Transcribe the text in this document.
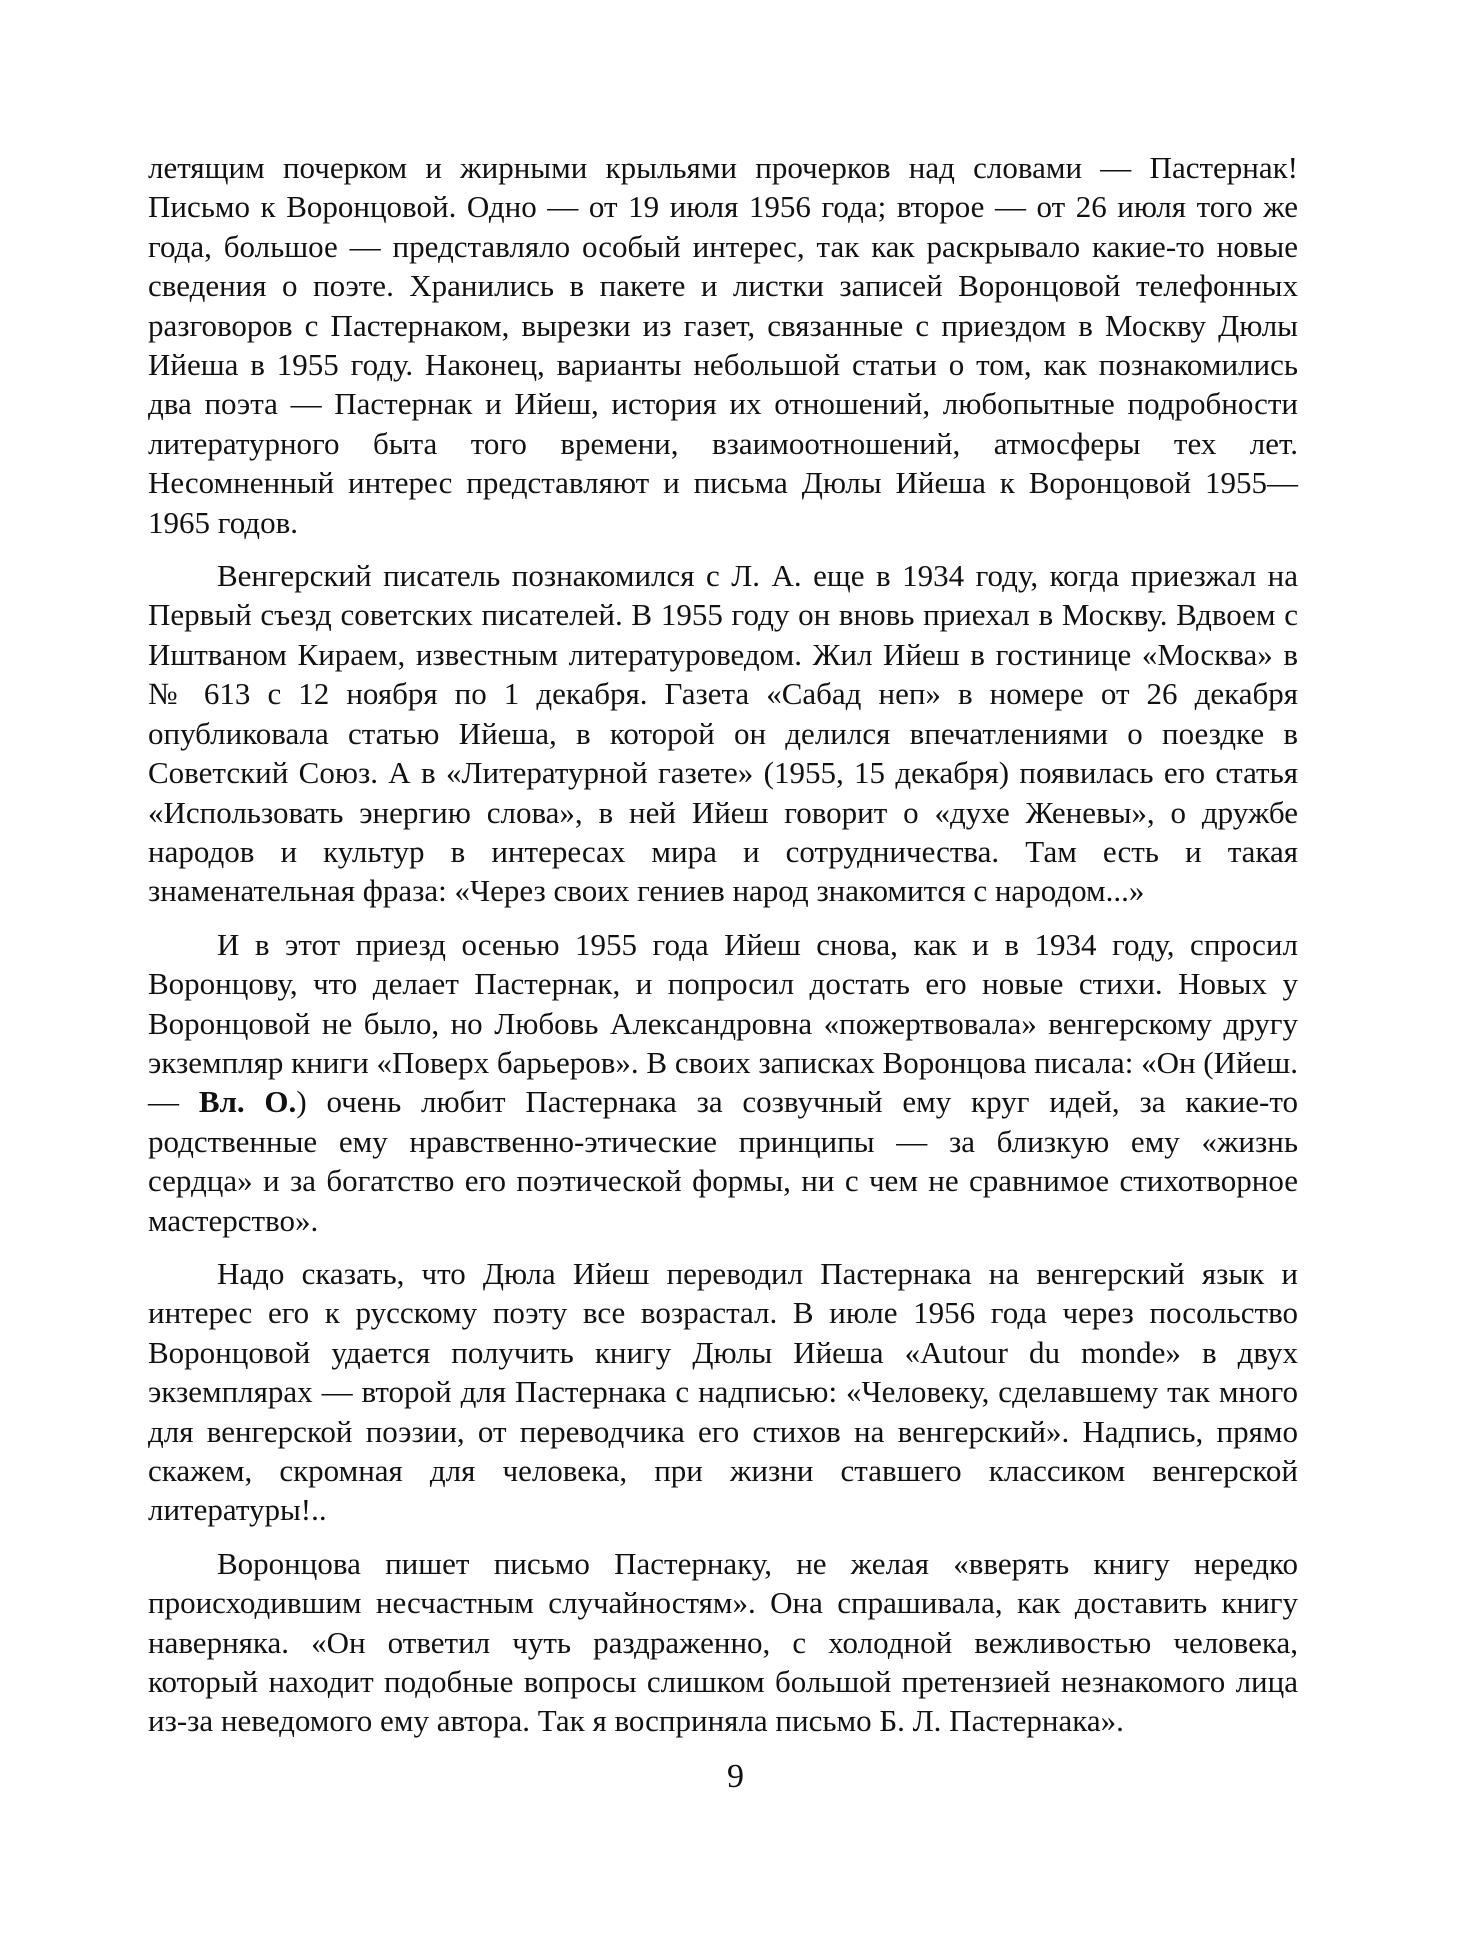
летящим почерком и жирными крыльями прочерков над словами — Пастернак! Письмо к Воронцовой. Одно — от 19 июля 1956 года; второе — от 26 июля того же года, большое — представляло особый интерес, так как раскрывало какие-то новые сведения о поэте. Хранились в пакете и листки записей Воронцовой телефонных разговоров с Пастернаком, вырезки из газет, связанные с приездом в Москву Дюлы Ийеша в 1955 году. Наконец, варианты небольшой статьи о том, как познакомились два поэта — Пастернак и Ийеш, история их отношений, любопытные подробности литературного быта того времени, взаимоотношений, атмосферы тех лет. Несомненный интерес представляют и письма Дюлы Ийеша к Воронцовой 1955—1965 годов.

Венгерский писатель познакомился с Л. А. еще в 1934 году, когда приезжал на Первый съезд советских писателей. В 1955 году он вновь приехал в Москву. Вдвоем с Иштваном Кираем, известным литературоведом. Жил Ийеш в гостинице «Москва» в № 613 с 12 ноября по 1 декабря. Газета «Сабад неп» в номере от 26 декабря опубликовала статью Ийеша, в которой он делился впечатлениями о поездке в Советский Союз. А в «Литературной газете» (1955, 15 декабря) появилась его статья «Использовать энергию слова», в ней Ийеш говорит о «духе Женевы», о дружбе народов и культур в интересах мира и сотрудничества. Там есть и такая знаменательная фраза: «Через своих гениев народ знакомится с народом...»

И в этот приезд осенью 1955 года Ийеш снова, как и в 1934 году, спросил Воронцову, что делает Пастернак, и попросил достать его новые стихи. Новых у Воронцовой не было, но Любовь Александровна «пожертвовала» венгерскому другу экземпляр книги «Поверх барьеров». В своих записках Воронцова писала: «Он (Ийеш.— Вл. О.) очень любит Пастернака за созвучный ему круг идей, за какие-то родственные ему нравственно-этические принципы — за близкую ему «жизнь сердца» и за богатство его поэтической формы, ни с чем не сравнимое стихотворное мастерство».

Надо сказать, что Дюла Ийеш переводил Пастернака на венгерский язык и интерес его к русскому поэту все возрастал. В июле 1956 года через посольство Воронцовой удается получить книгу Дюлы Ийеша «Autour du monde» в двух экземплярах — второй для Пастернака с надписью: «Человеку, сделавшему так много для венгерской поэзии, от переводчика его стихов на венгерский». Надпись, прямо скажем, скромная для человека, при жизни ставшего классиком венгерской литературы!..

Воронцова пишет письмо Пастернаку, не желая «вверять книгу нередко происходившим несчастным случайностям». Она спрашивала, как доставить книгу наверняка. «Он ответил чуть раздраженно, с холодной вежливостью человека, который находит подобные вопросы слишком большой претензией незнакомого лица из-за неведомого ему автора. Так я восприняла письмо Б. Л. Пастернака».

9
